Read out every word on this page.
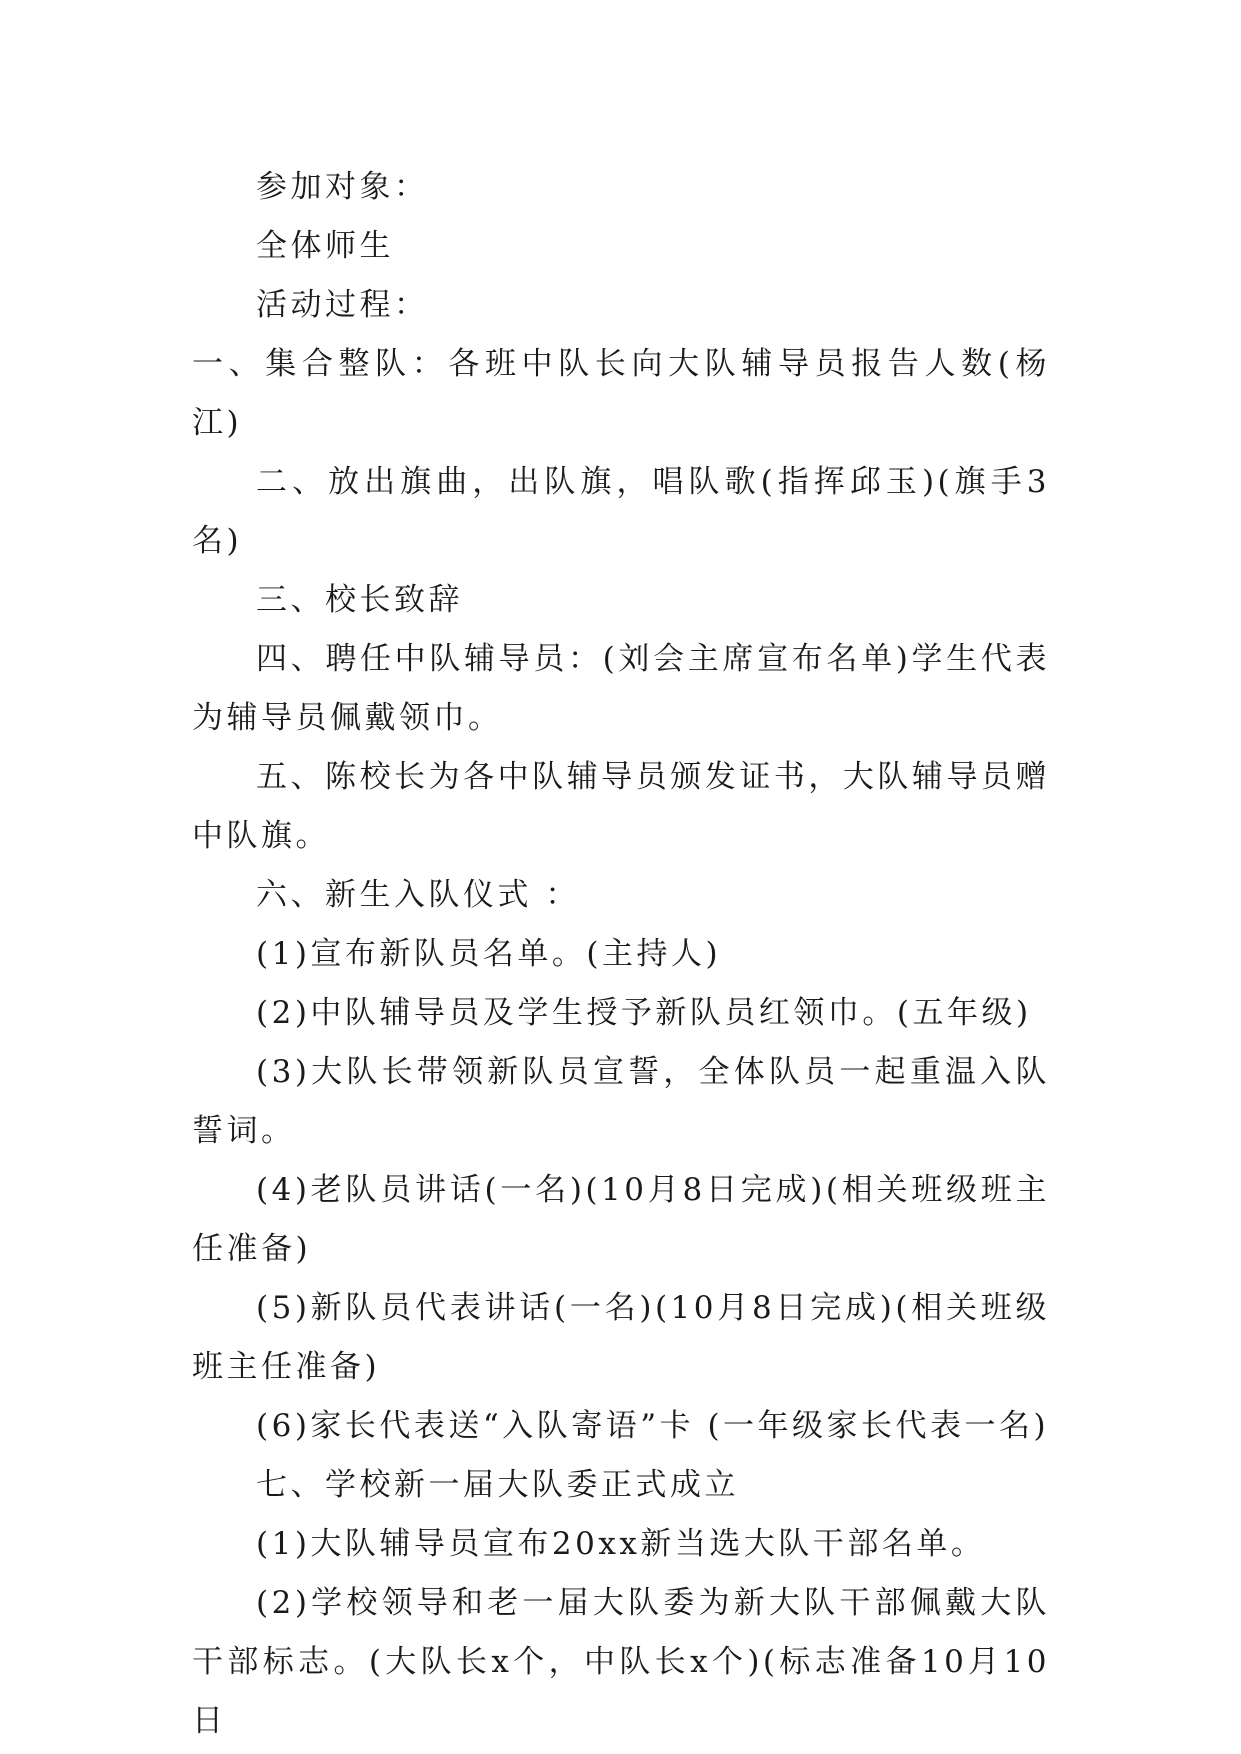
参加对象：

全体师生

活动过程：

一、集合整队：各班中队长向大队辅导员报告人数(杨江)

二、放出旗曲，出队旗，唱队歌(指挥邱玉)(旗手3名)

三、校长致辞

四、聘任中队辅导员：(刘会主席宣布名单)学生代表为辅导员佩戴领巾。

五、陈校长为各中队辅导员颁发证书，大队辅导员赠中队旗。

六、新生入队仪式 ：

(1)宣布新队员名单。(主持人)

(2)中队辅导员及学生授予新队员红领巾。(五年级)

(3)大队长带领新队员宣誓，全体队员一起重温入队誓词。

(4)老队员讲话(一名)(10月8日完成)(相关班级班主任准备)

(5)新队员代表讲话(一名)(10月8日完成)(相关班级班主任准备)

(6)家长代表送“入队寄语”卡 (一年级家长代表一名)

七、学校新一届大队委正式成立

(1)大队辅导员宣布20xx新当选大队干部名单。

(2)学校领导和老一届大队委为新大队干部佩戴大队干部标志。(大队长x个，中队长x个)(标志准备10月10日
